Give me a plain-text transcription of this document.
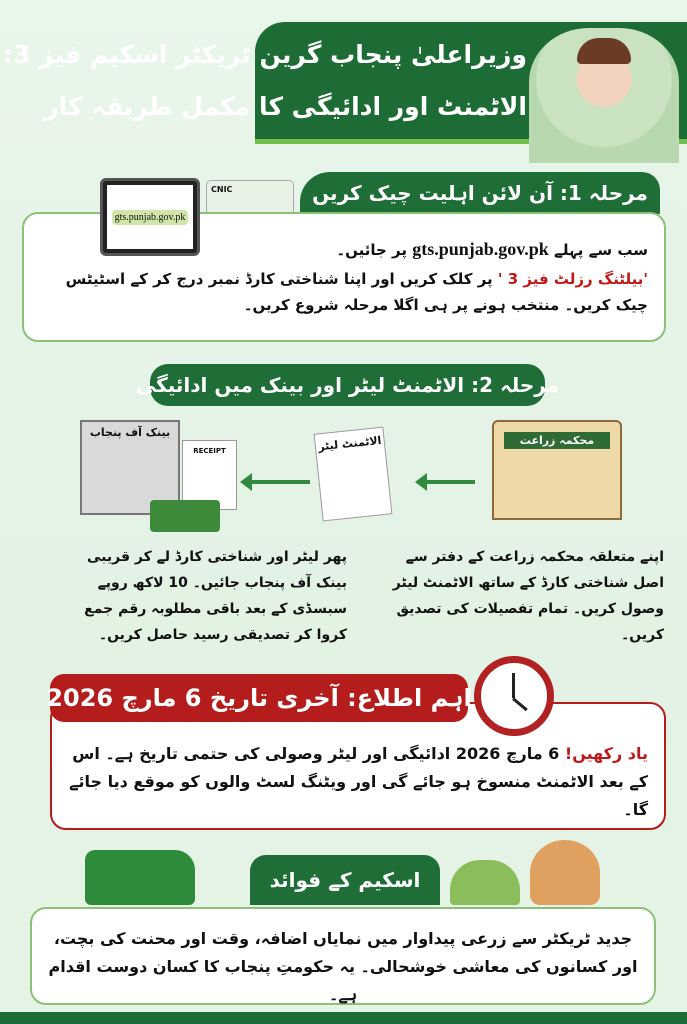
وزیراعلیٰ پنجاب گرین ٹریکٹر اسکیم فیز 3:
الاٹمنٹ اور ادائیگی کا مکمل طریقہ کار
CNIC
gts.punjab.gov.pk
مرحلہ 1: آن لائن اہلیت چیک کریں
سب سے پہلے gts.punjab.gov.pk پر جائیں۔
'بیلٹنگ رزلٹ فیز 3 ' پر کلک کریں اور اپنا شناختی کارڈ نمبر درج کر کے اسٹیٹس چیک کریں۔ منتخب ہونے پر ہی اگلا مرحلہ شروع کریں۔
مرحلہ 2: الاٹمنٹ لیٹر اور بینک میں ادائیگی
محکمہ زراعت
الاٹمنٹ لیٹر
بینک آف پنجاب
RECEIPT
اپنے متعلقہ محکمہ زراعت کے دفتر سے اصل شناختی کارڈ کے ساتھ الاٹمنٹ لیٹر وصول کریں۔ تمام تفصیلات کی تصدیق کریں۔
پھر لیٹر اور شناختی کارڈ لے کر قریبی بینک آف پنجاب جائیں۔ 10 لاکھ روپے سبسڈی کے بعد باقی مطلوبہ رقم جمع کروا کر تصدیقی رسید حاصل کریں۔
یاد رکھیں! 6 مارچ 2026 ادائیگی اور لیٹر وصولی کی حتمی تاریخ ہے۔ اس کے بعد الاٹمنٹ منسوخ ہو جائے گی اور ویٹنگ لسٹ والوں کو موقع دیا جائے گا۔
اہم اطلاع: آخری تاریخ 6 مارچ 2026
اسکیم کے فوائد
جدید ٹریکٹر سے زرعی پیداوار میں نمایاں اضافہ، وقت اور محنت کی بچت، اور کسانوں کی معاشی خوشحالی۔ یہ حکومتِ پنجاب کا کسان دوست اقدام ہے۔
